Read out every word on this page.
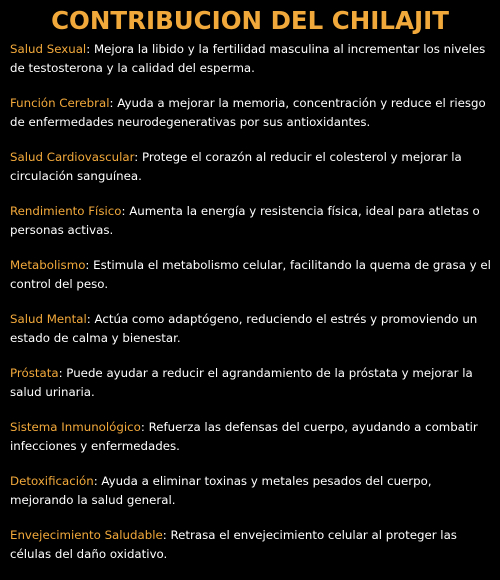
CONTRIBUCION DEL CHILAJIT

Salud Sexual: Mejora la libido y la fertilidad masculina al incrementar los niveles de testosterona y la calidad del esperma.

Función Cerebral: Ayuda a mejorar la memoria, concentración y reduce el riesgo de enfermedades neurodegenerativas por sus antioxidantes.

Salud Cardiovascular: Protege el corazón al reducir el colesterol y mejorar la circulación sanguínea.

Rendimiento Físico: Aumenta la energía y resistencia física, ideal para atletas o personas activas.

Metabolismo: Estimula el metabolismo celular, facilitando la quema de grasa y el control del peso.

Salud Mental: Actúa como adaptógeno, reduciendo el estrés y promoviendo un estado de calma y bienestar.

Próstata: Puede ayudar a reducir el agrandamiento de la próstata y mejorar la salud urinaria.

Sistema Inmunológico: Refuerza las defensas del cuerpo, ayudando a combatir infecciones y enfermedades.

Detoxificación: Ayuda a eliminar toxinas y metales pesados del cuerpo, mejorando la salud general.

Envejecimiento Saludable: Retrasa el envejecimiento celular al proteger las células del daño oxidativo.
